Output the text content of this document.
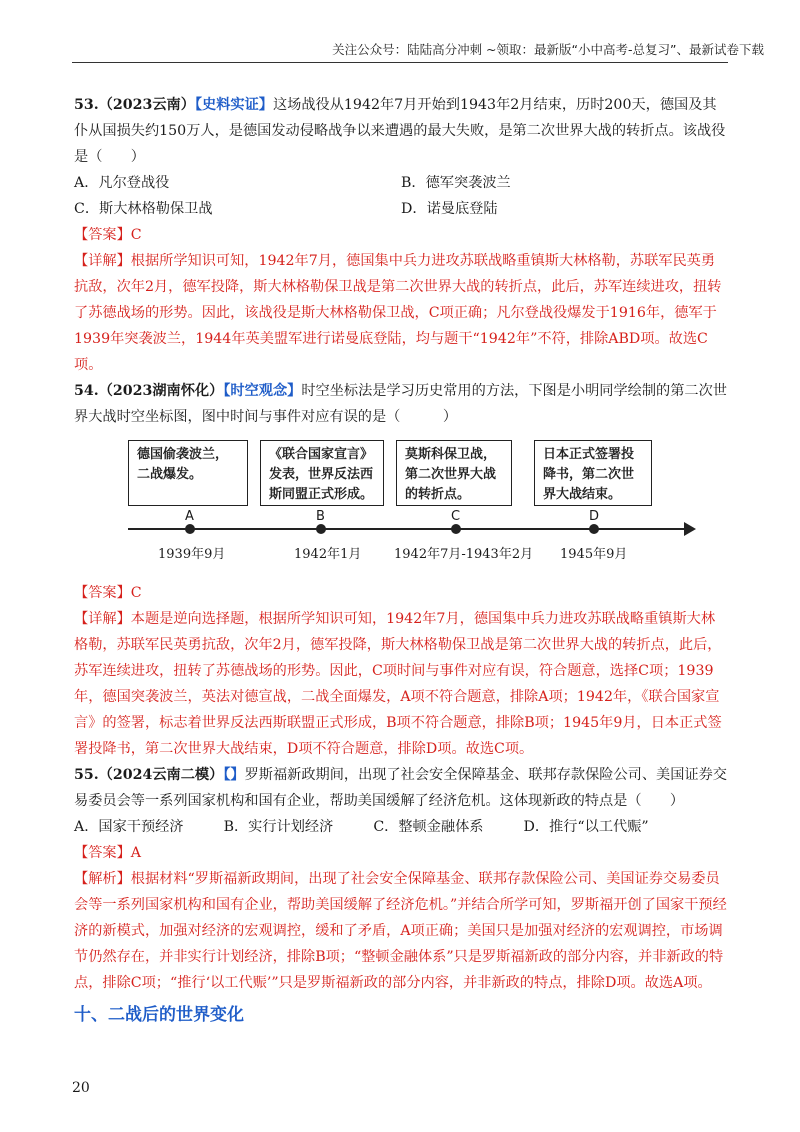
关注公众号：陆陆高分冲刺 ~领取：最新版“小中高考-总复习”、最新试卷下载

53.（2023云南）【史料实证】这场战役从1942年7月开始到1943年2月结束，历时200天，德国及其仆从国损失约150万人，是德国发动侵略战争以来遭遇的最大失败，是第二次世界大战的转折点。该战役是（　　）

A．凡尔登战役	B．德军突袭波兰
C．斯大林格勒保卫战	D．诺曼底登陆

【答案】C

【详解】根据所学知识可知，1942年7月，德国集中兵力进攻苏联战略重镇斯大林格勒，苏联军民英勇抗敌，次年2月，德军投降，斯大林格勒保卫战是第二次世界大战的转折点，此后，苏军连续进攻，扭转了苏德战场的形势。因此，该战役是斯大林格勒保卫战，C项正确；凡尔登战役爆发于1916年，德军于1939年突袭波兰，1944年英美盟军进行诺曼底登陆，均与题干“1942年”不符，排除ABD项。故选C项。

54.（2023湖南怀化）【时空观念】时空坐标法是学习历史常用的方法，下图是小明同学绘制的第二次世界大战时空坐标图，图中时间与事件对应有误的是（　　　）

德国偷袭波兰，二战爆发。
《联合国家宣言》发表，世界反法西斯同盟正式形成。
莫斯科保卫战，第二次世界大战的转折点。
日本正式签署投降书，第二次世界大战结束。
A	B	C	D
1939年9月	1942年1月	1942年7月-1943年2月 1945年9月

【答案】C

【详解】本题是逆向选择题，根据所学知识可知，1942年7月，德国集中兵力进攻苏联战略重镇斯大林格勒，苏联军民英勇抗敌，次年2月，德军投降，斯大林格勒保卫战是第二次世界大战的转折点，此后，苏军连续进攻，扭转了苏德战场的形势。因此，C项时间与事件对应有误，符合题意，选择C项；1939年，德国突袭波兰，英法对德宣战，二战全面爆发，A项不符合题意，排除A项；1942年，《联合国家宣言》的签署，标志着世界反法西斯联盟正式形成，B项不符合题意，排除B项；1945年9月，日本正式签署投降书，第二次世界大战结束，D项不符合题意，排除D项。故选C项。

55.（2024云南二模）【】罗斯福新政期间，出现了社会安全保障基金、联邦存款保险公司、美国证券交易委员会等一系列国家机构和国有企业，帮助美国缓解了经济危机。这体现新政的特点是（　　）

A．国家干预经济	B．实行计划经济	C．整顿金融体系	D．推行“以工代赈”

【答案】A

【解析】根据材料“罗斯福新政期间，出现了社会安全保障基金、联邦存款保险公司、美国证券交易委员会等一系列国家机构和国有企业，帮助美国缓解了经济危机。”并结合所学可知，罗斯福开创了国家干预经济的新模式，加强对经济的宏观调控，缓和了矛盾，A项正确；美国只是加强对经济的宏观调控，市场调节仍然存在，并非实行计划经济，排除B项；“整顿金融体系”只是罗斯福新政的部分内容，并非新政的特点，排除C项；“推行‘以工代赈’”只是罗斯福新政的部分内容，并非新政的特点，排除D项。故选A项。

十、二战后的世界变化
20
